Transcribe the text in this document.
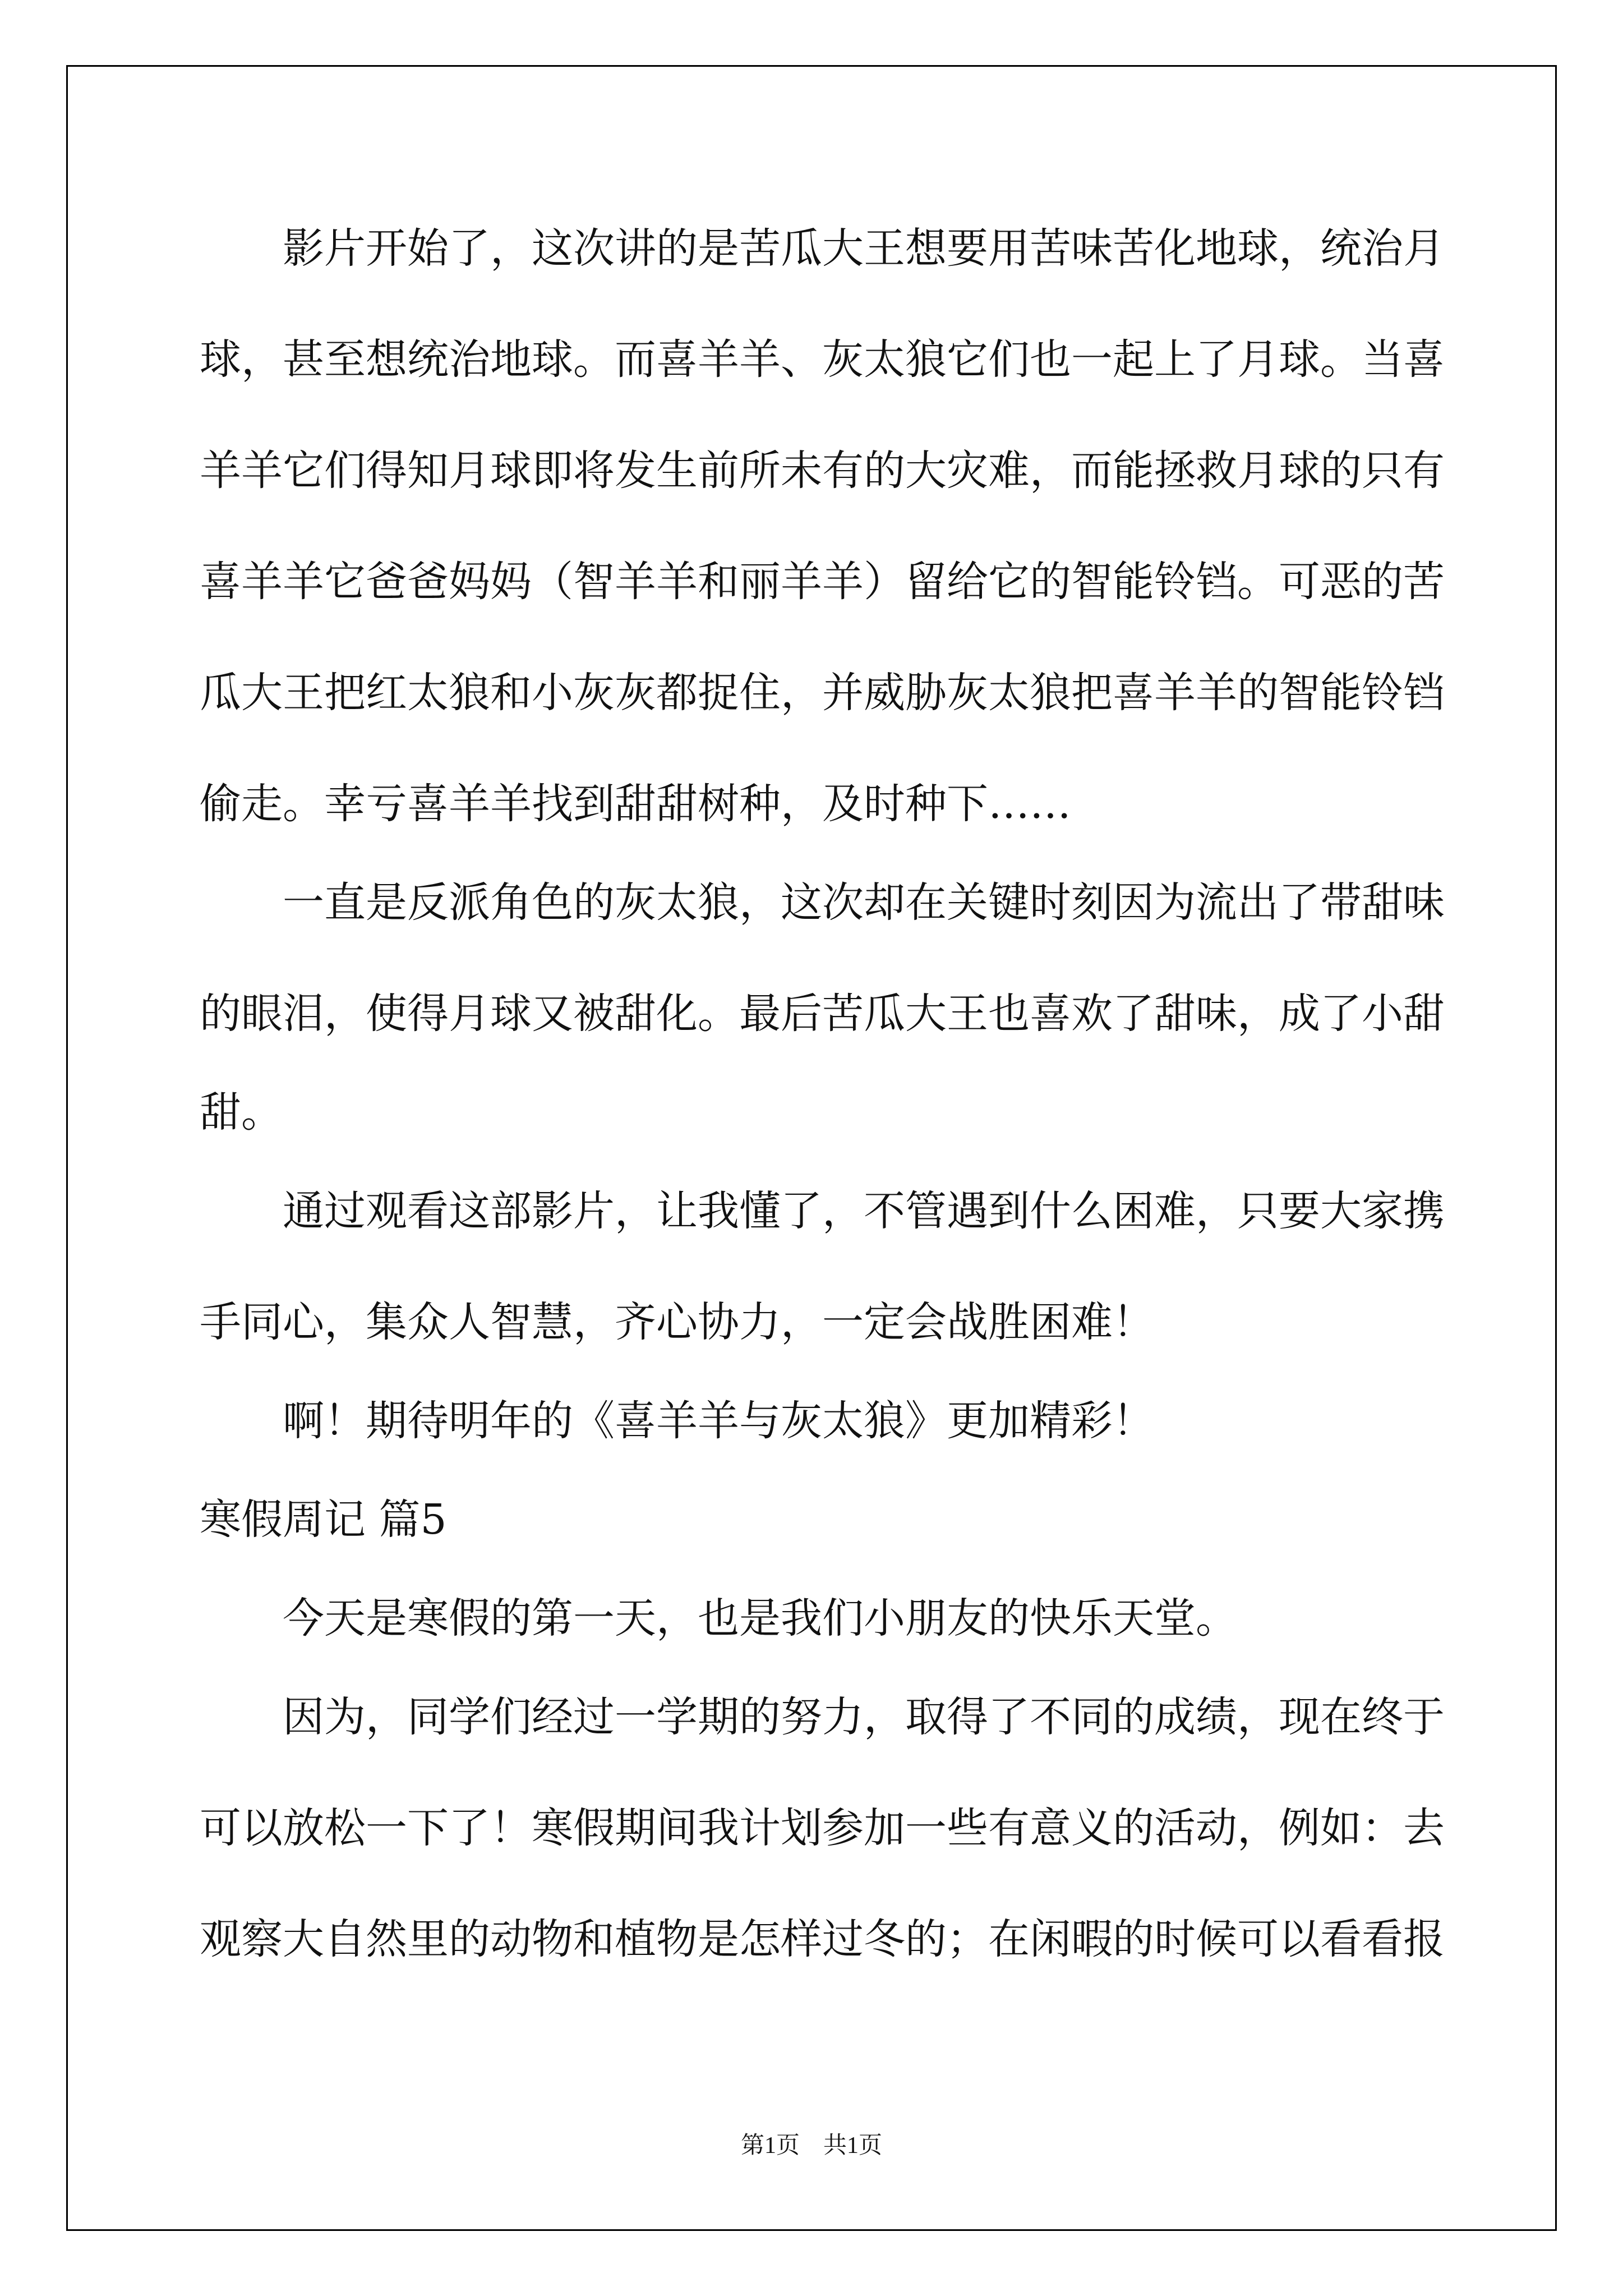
　　影片开始了，这次讲的是苦瓜大王想要用苦味苦化地球，统治月
球，甚至想统治地球。而喜羊羊、灰太狼它们也一起上了月球。当喜
羊羊它们得知月球即将发生前所未有的大灾难，而能拯救月球的只有
喜羊羊它爸爸妈妈（智羊羊和丽羊羊）留给它的智能铃铛。可恶的苦
瓜大王把红太狼和小灰灰都捉住，并威胁灰太狼把喜羊羊的智能铃铛
偷走。幸亏喜羊羊找到甜甜树种，及时种下……
　　一直是反派角色的灰太狼，这次却在关键时刻因为流出了带甜味
的眼泪，使得月球又被甜化。最后苦瓜大王也喜欢了甜味，成了小甜
甜。
　　通过观看这部影片，让我懂了，不管遇到什么困难，只要大家携
手同心，集众人智慧，齐心协力，一定会战胜困难！
　　啊！期待明年的《喜羊羊与灰太狼》更加精彩！
寒假周记 篇5
　　今天是寒假的第一天，也是我们小朋友的快乐天堂。
　　因为，同学们经过一学期的努力，取得了不同的成绩，现在终于
可以放松一下了！寒假期间我计划参加一些有意义的活动，例如：去
观察大自然里的动物和植物是怎样过冬的；在闲暇的时候可以看看报
第1页　共1页
